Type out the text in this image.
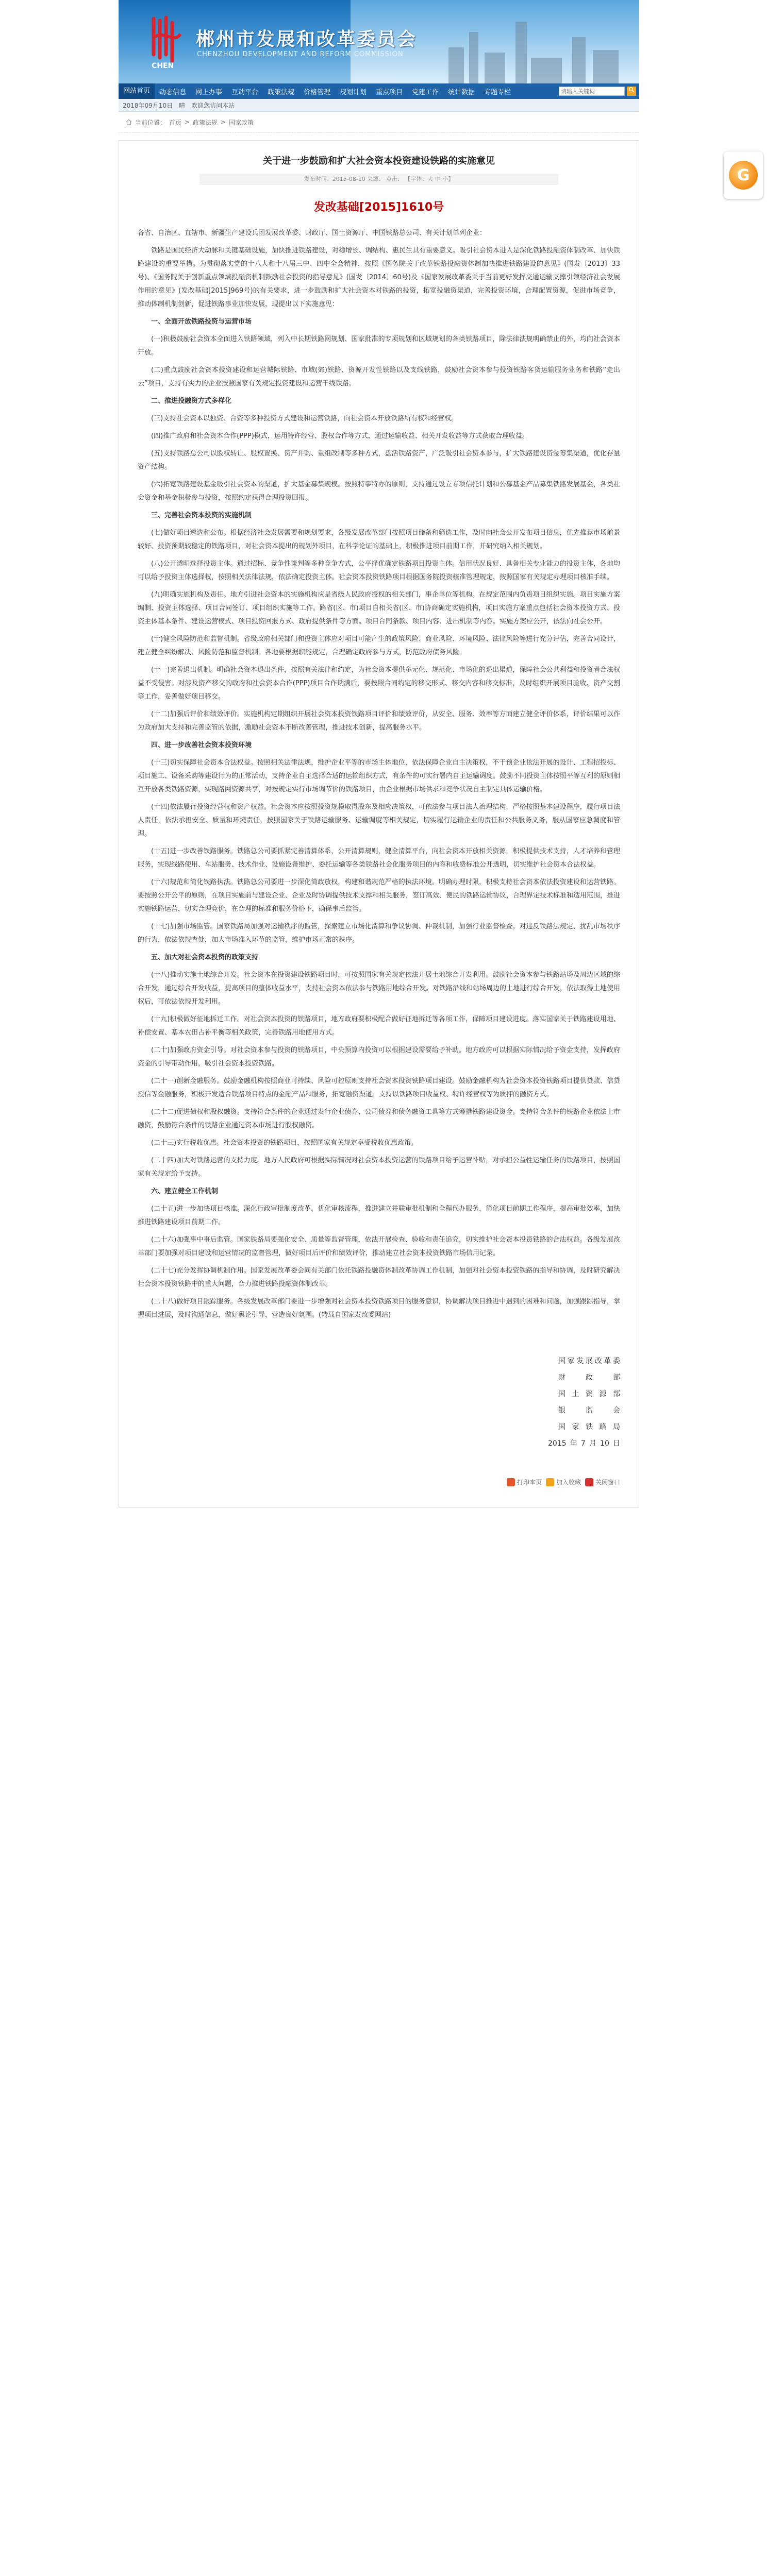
CHEN
郴州市发展和改革委员会
CHENZHOU DEVELOPMENT AND REFORM COMMISSION
网站首页	动态信息	网上办事	互动平台	政策法规	价格管理	规划计划	重点项目	党建工作	统计数据	专题专栏
请输入关键词
2018年09月10日 晴 欢迎您访问本站
当前位置： 首页 > 政策法规 > 国家政策
关于进一步鼓励和扩大社会资本投资建设铁路的实施意见
发布时间：2015-08-10 来源： 点击： 【字体：大 中 小】
发改基础[2015]1610号

各省、自治区、直辖市、新疆生产建设兵团发展改革委、财政厅、国土资源厅、中国铁路总公司、有关计划单列企业：

铁路是国民经济大动脉和关键基础设施，加快推进铁路建设，对稳增长、调结构、惠民生具有重要意义。吸引社会资本进入是深化铁路投融资体制改革、加快铁路建设的重要举措。为贯彻落实党的十八大和十八届三中、四中全会精神，按照《国务院关于改革铁路投融资体制加快推进铁路建设的意见》(国发〔2013〕33号)、《国务院关于创新重点领域投融资机制鼓励社会投资的指导意见》(国发〔2014〕60号)及《国家发展改革委关于当前更好发挥交通运输支撑引领经济社会发展作用的意见》(发改基础[2015]969号)的有关要求，进一步鼓励和扩大社会资本对铁路的投资，拓宽投融资渠道，完善投资环境，合理配置资源，促进市场竞争，推动体制机制创新，促进铁路事业加快发展，现提出以下实施意见：

一、全面开放铁路投资与运营市场

(一)积极鼓励社会资本全面进入铁路领域，列入中长期铁路网规划、国家批准的专项规划和区域规划的各类铁路项目，除法律法规明确禁止的外，均向社会资本开放。

(二)重点鼓励社会资本投资建设和运营城际铁路、市域(郊)铁路、资源开发性铁路以及支线铁路，鼓励社会资本参与投资铁路客货运输服务业务和铁路“走出去”项目，支持有实力的企业按照国家有关规定投资建设和运营干线铁路。

二、推进投融资方式多样化

(三)支持社会资本以独资、合资等多种投资方式建设和运营铁路，向社会资本开放铁路所有权和经营权。

(四)推广政府和社会资本合作(PPP)模式，运用特许经营、股权合作等方式，通过运输收益、相关开发收益等方式获取合理收益。

(五)支持铁路总公司以股权转让、股权置换、资产并购、重组改制等多种方式，盘活铁路资产，广泛吸引社会资本参与，扩大铁路建设资金筹集渠道，优化存量资产结构。

(六)拓宽铁路建设基金吸引社会资本的渠道，扩大基金募集规模。按照特事特办的原则，支持通过设立专项信托计划和公募基金产品募集铁路发展基金，各类社会资金和基金积极参与投资，按照约定获得合理投资回报。

三、完善社会资本投资的实施机制

(七)做好项目遴选和公布。根据经济社会发展需要和规划要求，各级发展改革部门按照项目储备和筛选工作，及时向社会公开发布项目信息，优先推荐市场前景较好、投资预期较稳定的铁路项目，对社会资本提出的规划外项目，在科学论证的基础上，积极推进项目前期工作，并研究纳入相关规划。

(八)公开透明选择投资主体。通过招标、竞争性谈判等多种竞争方式，公平择优确定铁路项目投资主体。信用状况良好、具备相关专业能力的投资主体，各地均可以给予投资主体选择权，按照相关法律法规，依法确定投资主体。社会资本投资铁路项目根据国务院投资核准管理规定，按照国家有关规定办理项目核准手续。

(九)明确实施机构及责任。地方引进社会资本的实施机构应是省级人民政府授权的相关部门，事企单位等机构。在规定范围内负责项目组织实施。项目实施方案编制、投资主体选择、项目合同签订、项目组织实施等工作。路省(区、市)项目自相关省(区、市)协商确定实施机构，项目实施方案重点包括社会资本投资方式、投资主体基本条件、建设运营模式、项目投资回报方式、政府提供条件等方面。项目合同条款、项目内容、进出机制等内容。实施方案应公开，依法向社会公开。

(十)健全风险防范和监督机制。省级政府相关部门和投资主体应对项目可能产生的政策风险、商业风险、环境风险、法律风险等进行充分评估，完善合同设计，建立健全纠纷解决、风险防范和监督机制。各地要根据职能规定，合理确定政府参与方式，防范政府债务风险。

(十一)完善退出机制。明确社会资本退出条件，按照有关法律和约定，为社会资本提供多元化、规范化、市场化的退出渠道，保障社会公共利益和投资者合法权益不受侵害。对涉及资产移交的政府和社会资本合作(PPP)项目合作期满后，要按照合同约定的移交形式、移交内容和移交标准，及时组织开展项目验收、资产交割等工作，妥善做好项目移交。

(十二)加强后评价和绩效评价。实施机构定期组织开展社会资本投资铁路项目评价和绩效评价，从安全、服务、效率等方面建立健全评价体系，评价结果可以作为政府加大支持和完善监管的依据，激励社会资本不断改善管理，推进技术创新，提高服务水平。

四、进一步改善社会资本投资环境

(十三)切实保障社会资本合法权益。按照相关法律法规，维护企业平等的市场主体地位，依法保障企业自主决策权，不干预企业依法开展的设计、工程招投标、项目施工、设备采购等建设行为的正常活动，支持企业自主选择合适的运输组织方式，有条件的可实行署内自主运输调度。鼓励不同投资主体按照平等互利的原则相互开放各类铁路资源，实现路网资源共享，对按规定实行市场调节价的铁路项目，由企业根据市场供求和竞争状况自主制定具体运输价格。

(十四)依法履行投资经营权和资产权益。社会资本应按照投资规模取得股东及相应决策权，可依法参与项目法人治理结构，严格按照基本建设程序，履行项目法人责任，依法承担安全、质量和环境责任，按照国家关于铁路运输服务、运输调度等相关规定，切实履行运输企业的责任和公共服务义务，服从国家应急调度和管理。

(十五)进一步改善铁路服务。铁路总公司要抓紧完善清算体系，公开清算规则，健全清算平台，向社会资本开放相关资源，积极提供技术支持，人才培养和管理服务，实现线路使用、车站服务、技术作业、设施设备维护、委托运输等各类铁路社会化服务项目的内容和收费标准公开透明，切实维护社会资本合法权益。

(十六)规范和简化铁路执法。铁路总公司要进一步深化简政放权，构建和谐规范严格的执法环境。明确办理时限，积极支持社会资本依法投资建设和运营铁路。要按照公开公平的原则，在项目实施前与建设企业、企业及时协调提供技术支撑和相关服务，签订高效、便民的铁路运输协议，合理界定技术标准和适用范围，推进实施铁路运营，切实合理竞价，在合理的标准和服务价格下，确保事后监管。

(十七)加强市场监管。国家铁路局加强对运输秩序的监管，探索建立市场化清算和争议协调、仲裁机制，加强行业监督检查。对违反铁路法规定、扰乱市场秩序的行为，依法依规查处，加大市场准入环节的监管，维护市场正常的秩序。

五、加大对社会资本投资的政策支持

(十八)推动实施土地综合开发。社会资本在投资建设铁路项目时，可按照国家有关规定依法开展土地综合开发利用。鼓励社会资本参与铁路站场及周边区域的综合开发，通过综合开发收益，提高项目的整体收益水平，支持社会资本依法参与铁路用地综合开发。对铁路沿线和站场周边的土地进行综合开发，依法取得土地使用权后，可依法依规开发利用。

(十九)积极做好征地拆迁工作。对社会资本投资的铁路项目，地方政府要积极配合做好征地拆迁等各项工作，保障项目建设进度。落实国家关于铁路建设用地、补偿安置、基本农田占补平衡等相关政策，完善铁路用地使用方式。

(二十)加强政府资金引导。对社会资本参与投资的铁路项目，中央预算内投资可以根据建设需要给予补助。地方政府可以根据实际情况给予资金支持，发挥政府资金的引导带动作用，吸引社会资本投资铁路。

(二十一)创新金融服务。鼓励金融机构按照商业可持续、风险可控原则支持社会资本投资铁路项目建设。鼓励金融机构为社会资本投资铁路项目提供贷款、信贷授信等金融服务，积极开发适合铁路项目特点的金融产品和服务，拓宽融资渠道。支持以铁路项目收益权、特许经营权等为质押的融资方式。

(二十二)促进债权和股权融资。支持符合条件的企业通过发行企业债券、公司债券和债务融资工具等方式筹措铁路建设资金。支持符合条件的铁路企业依法上市融资，鼓励符合条件的铁路企业通过资本市场进行股权融资。

(二十三)实行税收优惠。社会资本投资的铁路项目，按照国家有关规定享受税收优惠政策。

(二十四)加大对铁路运营的支持力度。地方人民政府可根据实际情况对社会资本投资运营的铁路项目给予运营补贴，对承担公益性运输任务的铁路项目，按照国家有关规定给予支持。

六、建立健全工作机制

(二十五)进一步加快项目核准。深化行政审批制度改革，优化审核流程，推进建立并联审批机制和全程代办服务，简化项目前期工作程序，提高审批效率，加快推进铁路建设项目前期工作。

(二十六)加强事中事后监管。国家铁路局要强化安全、质量等监督管理，依法开展检查、验收和责任追究，切实维护社会资本投资铁路的合法权益。各级发展改革部门要加强对项目建设和运营情况的监督管理，做好项目后评价和绩效评价，推动建立社会资本投资铁路市场信用记录。

(二十七)充分发挥协调机制作用。国家发展改革委会同有关部门依托铁路投融资体制改革协调工作机制，加强对社会资本投资铁路的指导和协调，及时研究解决社会资本投资铁路中的重大问题，合力推进铁路投融资体制改革。

(二十八)做好项目跟踪服务。各级发展改革部门要进一步增强对社会资本投资铁路项目的服务意识，协调解决项目推进中遇到的困难和问题，加强跟踪指导，掌握项目进展，及时沟通信息，做好舆论引导，营造良好氛围。(转载自国家发改委网站)

国家发展改革委
财 政 部
国土资源部
银 监 会
国家铁路局
2015年7月10日
打印本页 加入收藏 关闭窗口
G
